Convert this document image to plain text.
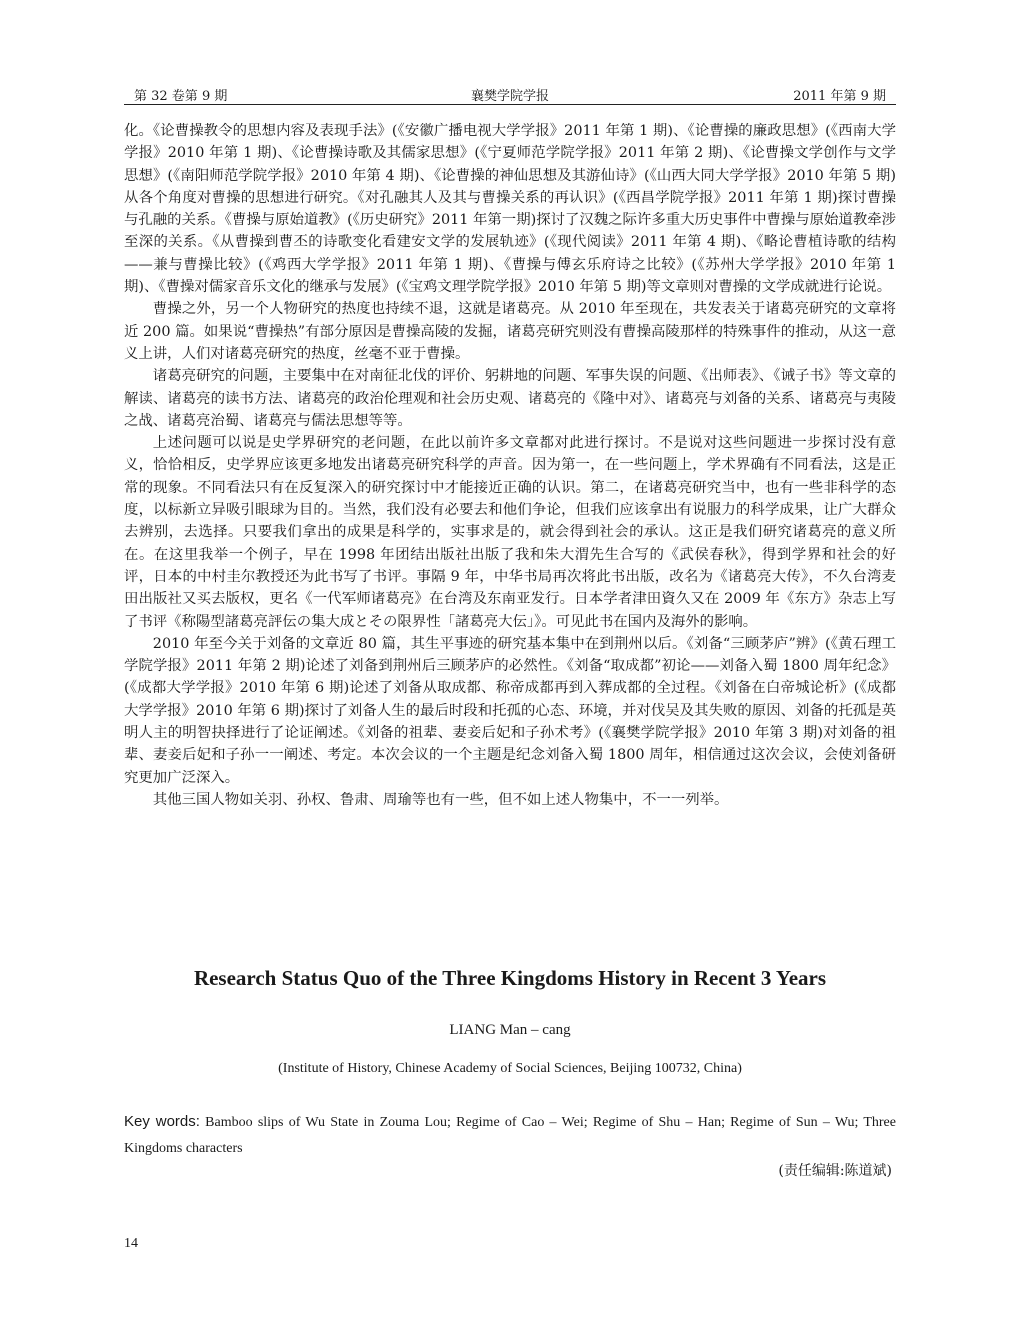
第 32 卷第 9 期	襄樊学院学报	2011 年第 9 期

化。《论曹操教令的思想内容及表现手法》(《安徽广播电视大学学报》2011 年第 1 期)、《论曹操的廉政思想》(《西南大学学报》2010 年第 1 期)、《论曹操诗歌及其儒家思想》(《宁夏师范学院学报》2011 年第 2 期)、《论曹操文学创作与文学思想》(《南阳师范学院学报》2010 年第 4 期)、《论曹操的神仙思想及其游仙诗》(《山西大同大学学报》2010 年第 5 期)从各个角度对曹操的思想进行研究。《对孔融其人及其与曹操关系的再认识》(《西昌学院学报》2011 年第 1 期)探讨曹操与孔融的关系。《曹操与原始道教》(《历史研究》2011 年第一期)探讨了汉魏之际许多重大历史事件中曹操与原始道教牵涉至深的关系。《从曹操到曹丕的诗歌变化看建安文学的发展轨迹》(《现代阅读》2011 年第 4 期)、《略论曹植诗歌的结构——兼与曹操比较》(《鸡西大学学报》2011 年第 1 期)、《曹操与傅玄乐府诗之比较》(《苏州大学学报》2010 年第 1 期)、《曹操对儒家音乐文化的继承与发展》(《宝鸡文理学院学报》2010 年第 5 期)等文章则对曹操的文学成就进行论说。

曹操之外，另一个人物研究的热度也持续不退，这就是诸葛亮。从 2010 年至现在，共发表关于诸葛亮研究的文章将近 200 篇。如果说“曹操热”有部分原因是曹操高陵的发掘，诸葛亮研究则没有曹操高陵那样的特殊事件的推动，从这一意义上讲，人们对诸葛亮研究的热度，丝毫不亚于曹操。

诸葛亮研究的问题，主要集中在对南征北伐的评价、躬耕地的问题、军事失误的问题、《出师表》、《诫子书》等文章的解读、诸葛亮的读书方法、诸葛亮的政治伦理观和社会历史观、诸葛亮的《隆中对》、诸葛亮与刘备的关系、诸葛亮与夷陵之战、诸葛亮治蜀、诸葛亮与儒法思想等等。

上述问题可以说是史学界研究的老问题，在此以前许多文章都对此进行探讨。不是说对这些问题进一步探讨没有意义，恰恰相反，史学界应该更多地发出诸葛亮研究科学的声音。因为第一，在一些问题上，学术界确有不同看法，这是正常的现象。不同看法只有在反复深入的研究探讨中才能接近正确的认识。第二，在诸葛亮研究当中，也有一些非科学的态度，以标新立异吸引眼球为目的。当然，我们没有必要去和他们争论，但我们应该拿出有说服力的科学成果，让广大群众去辨别，去选择。只要我们拿出的成果是科学的，实事求是的，就会得到社会的承认。这正是我们研究诸葛亮的意义所在。在这里我举一个例子，早在 1998 年团结出版社出版了我和朱大渭先生合写的《武侯春秋》，得到学界和社会的好评，日本的中村圭尔教授还为此书写了书评。事隔 9 年，中华书局再次将此书出版，改名为《诸葛亮大传》，不久台湾麦田出版社又买去版权，更名《一代军师诸葛亮》在台湾及东南亚发行。日本学者津田資久又在 2009 年《东方》杂志上写了书评《称陽型諸葛亮評伝の集大成とその限界性「諸葛亮大伝」》。可见此书在国内及海外的影响。

2010 年至今关于刘备的文章近 80 篇，其生平事迹的研究基本集中在到荆州以后。《刘备“三顾茅庐”辨》(《黄石理工学院学报》2011 年第 2 期)论述了刘备到荆州后三顾茅庐的必然性。《刘备“取成都”初论——刘备入蜀 1800 周年纪念》(《成都大学学报》2010 年第 6 期)论述了刘备从取成都、称帝成都再到入葬成都的全过程。《刘备在白帝城论析》(《成都大学学报》2010 年第 6 期)探讨了刘备人生的最后时段和托孤的心态、环境，并对伐吴及其失败的原因、刘备的托孤是英明人主的明智抉择进行了论证阐述。《刘备的祖辈、妻妾后妃和子孙术考》(《襄樊学院学报》2010 年第 3 期)对刘备的祖辈、妻妾后妃和子孙一一阐述、考定。本次会议的一个主题是纪念刘备入蜀 1800 周年，相信通过这次会议，会使刘备研究更加广泛深入。

其他三国人物如关羽、孙权、鲁肃、周瑜等也有一些，但不如上述人物集中，不一一列举。

Research Status Quo of the Three Kingdoms History in Recent 3 Years
LIANG Man – cang
(Institute of History, Chinese Academy of Social Sciences, Beijing 100732, China)
Key words: Bamboo slips of Wu State in Zouma Lou; Regime of Cao – Wei; Regime of Shu – Han; Regime of Sun – Wu; Three Kingdoms characters
(责任编辑:陈道斌)
14
